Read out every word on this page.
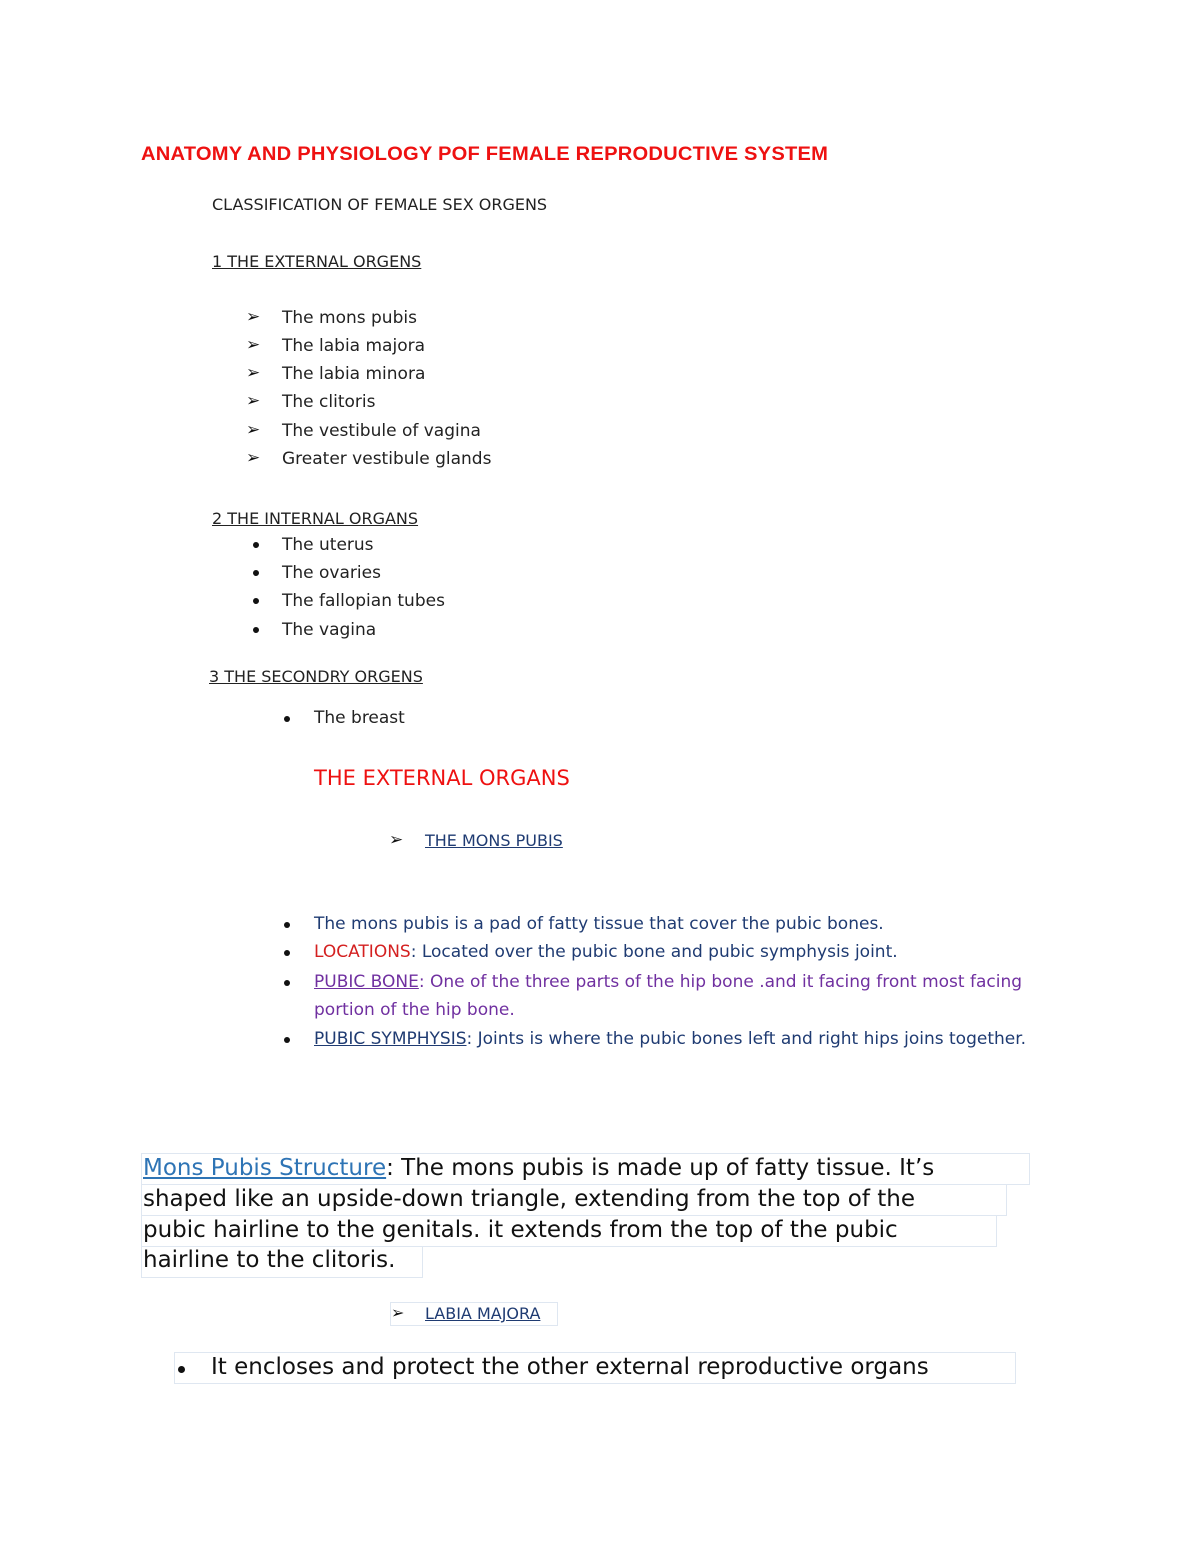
ANATOMY AND PHYSIOLOGY POF FEMALE REPRODUCTIVE SYSTEM
CLASSIFICATION OF FEMALE SEX ORGENS
1 THE EXTERNAL ORGENS
➢ The mons pubis
➢ The labia majora
➢ The labia minora
➢ The clitoris
➢ The vestibule of vagina
➢ Greater vestibule glands
2 THE INTERNAL ORGANS
The uterus
The ovaries
The fallopian tubes
The vagina
3 THE SECONDRY ORGENS
The breast
THE EXTERNAL ORGANS
➢ THE MONS PUBIS
The mons pubis is a pad of fatty tissue that cover the pubic bones.
LOCATIONS: Located over the pubic bone and pubic symphysis joint.
PUBIC BONE: One of the three parts of the hip bone .and it facing front most facing
portion of the hip bone.
PUBIC SYMPHYSIS: Joints is where the pubic bones left and right hips joins together.
Mons Pubis Structure: The mons pubis is made up of fatty tissue. It’s
shaped like an upside-down triangle, extending from the top of the
pubic hairline to the genitals. it extends from the top of the pubic
hairline to the clitoris.
➢ LABIA MAJORA
It encloses and protect the other external reproductive organs
